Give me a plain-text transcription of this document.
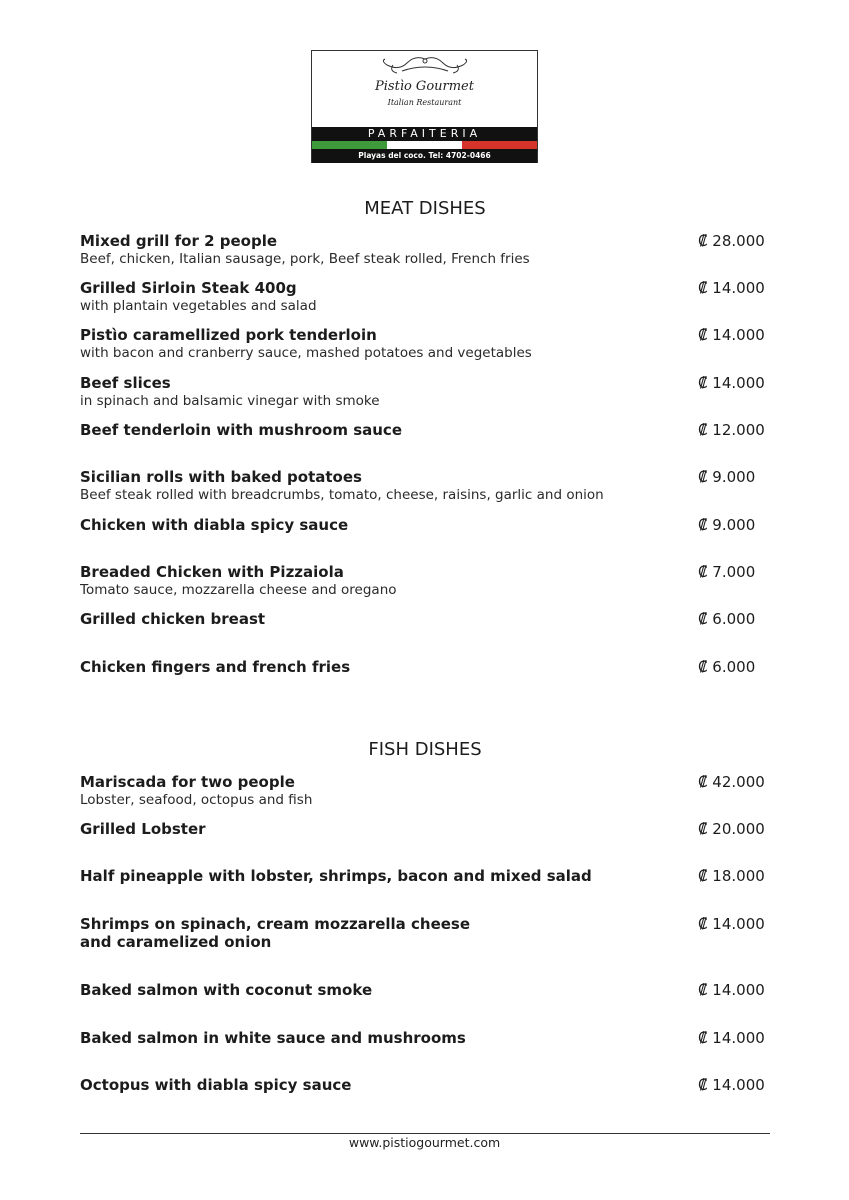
Pistìo Gourmet
Italian Restaurant
PARFAITERIA
Playas del coco. Tel: 4702-0466
MEAT DISHES
Mixed grill for 2 people
Beef, chicken, Italian sausage, pork, Beef steak rolled, French fries
₡ 28.000
Grilled Sirloin Steak 400g
with plantain vegetables and salad
₡ 14.000
Pistìo caramellized pork tenderloin
with bacon and cranberry sauce, mashed potatoes and vegetables
₡ 14.000
Beef slices
in spinach and balsamic vinegar with smoke
₡ 14.000
Beef tenderloin with mushroom sauce	₡ 12.000
Sicilian rolls with baked potatoes
Beef steak rolled with breadcrumbs, tomato, cheese, raisins, garlic and onion
₡ 9.000
Chicken with diabla spicy sauce	₡ 9.000
Breaded Chicken with Pizzaiola
Tomato sauce, mozzarella cheese and oregano
₡ 7.000
Grilled chicken breast	₡ 6.000
Chicken fingers and french fries	₡ 6.000
FISH DISHES
Mariscada for two people
Lobster, seafood, octopus and fish
₡ 42.000
Grilled Lobster	₡ 20.000
Half pineapple with lobster, shrimps, bacon and mixed salad	₡ 18.000
Shrimps on spinach, cream mozzarella cheese
and caramelized onion
₡ 14.000
Baked salmon with coconut smoke	₡ 14.000
Baked salmon in white sauce and mushrooms	₡ 14.000
Octopus with diabla spicy sauce	₡ 14.000
www.pistiogourmet.com
